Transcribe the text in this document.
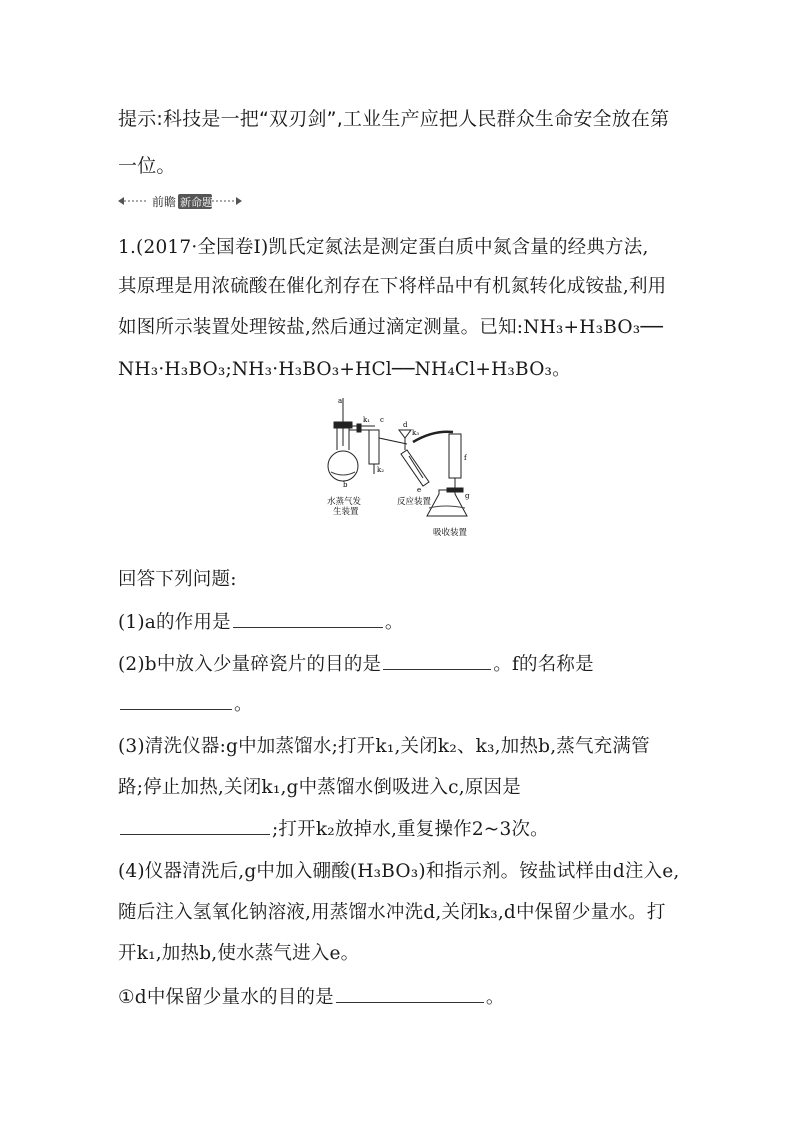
提示:科技是一把“双刃剑”,工业生产应把人民群众生命安全放在第
一位。
前瞻 新命题
1.(2017·全国卷Ⅰ)凯氏定氮法是测定蛋白质中氮含量的经典方法,
其原理是用浓硫酸在催化剂存在下将样品中有机氮转化成铵盐,利用
如图所示装置处理铵盐,然后通过滴定测量。已知:NH₃+H₃BO₃──
NH₃·H₃BO₃;NH₃·H₃BO₃+HCl──NH₄Cl+H₃BO₃。
a
k₁ c
b
k₂
d
k₃
e
f
g
水蒸气发
生装置
反应装置
吸收装置
回答下列问题:
(1)a的作用是	。
(2)b中放入少量碎瓷片的目的是	。f的名称是
。
(3)清洗仪器:g中加蒸馏水;打开k₁,关闭k₂、k₃,加热b,蒸气充满管
路;停止加热,关闭k₁,g中蒸馏水倒吸进入c,原因是
;打开k₂放掉水,重复操作2~3次。
(4)仪器清洗后,g中加入硼酸(H₃BO₃)和指示剂。铵盐试样由d注入e,
随后注入氢氧化钠溶液,用蒸馏水冲洗d,关闭k₃,d中保留少量水。打
开k₁,加热b,使水蒸气进入e。
①d中保留少量水的目的是	。
